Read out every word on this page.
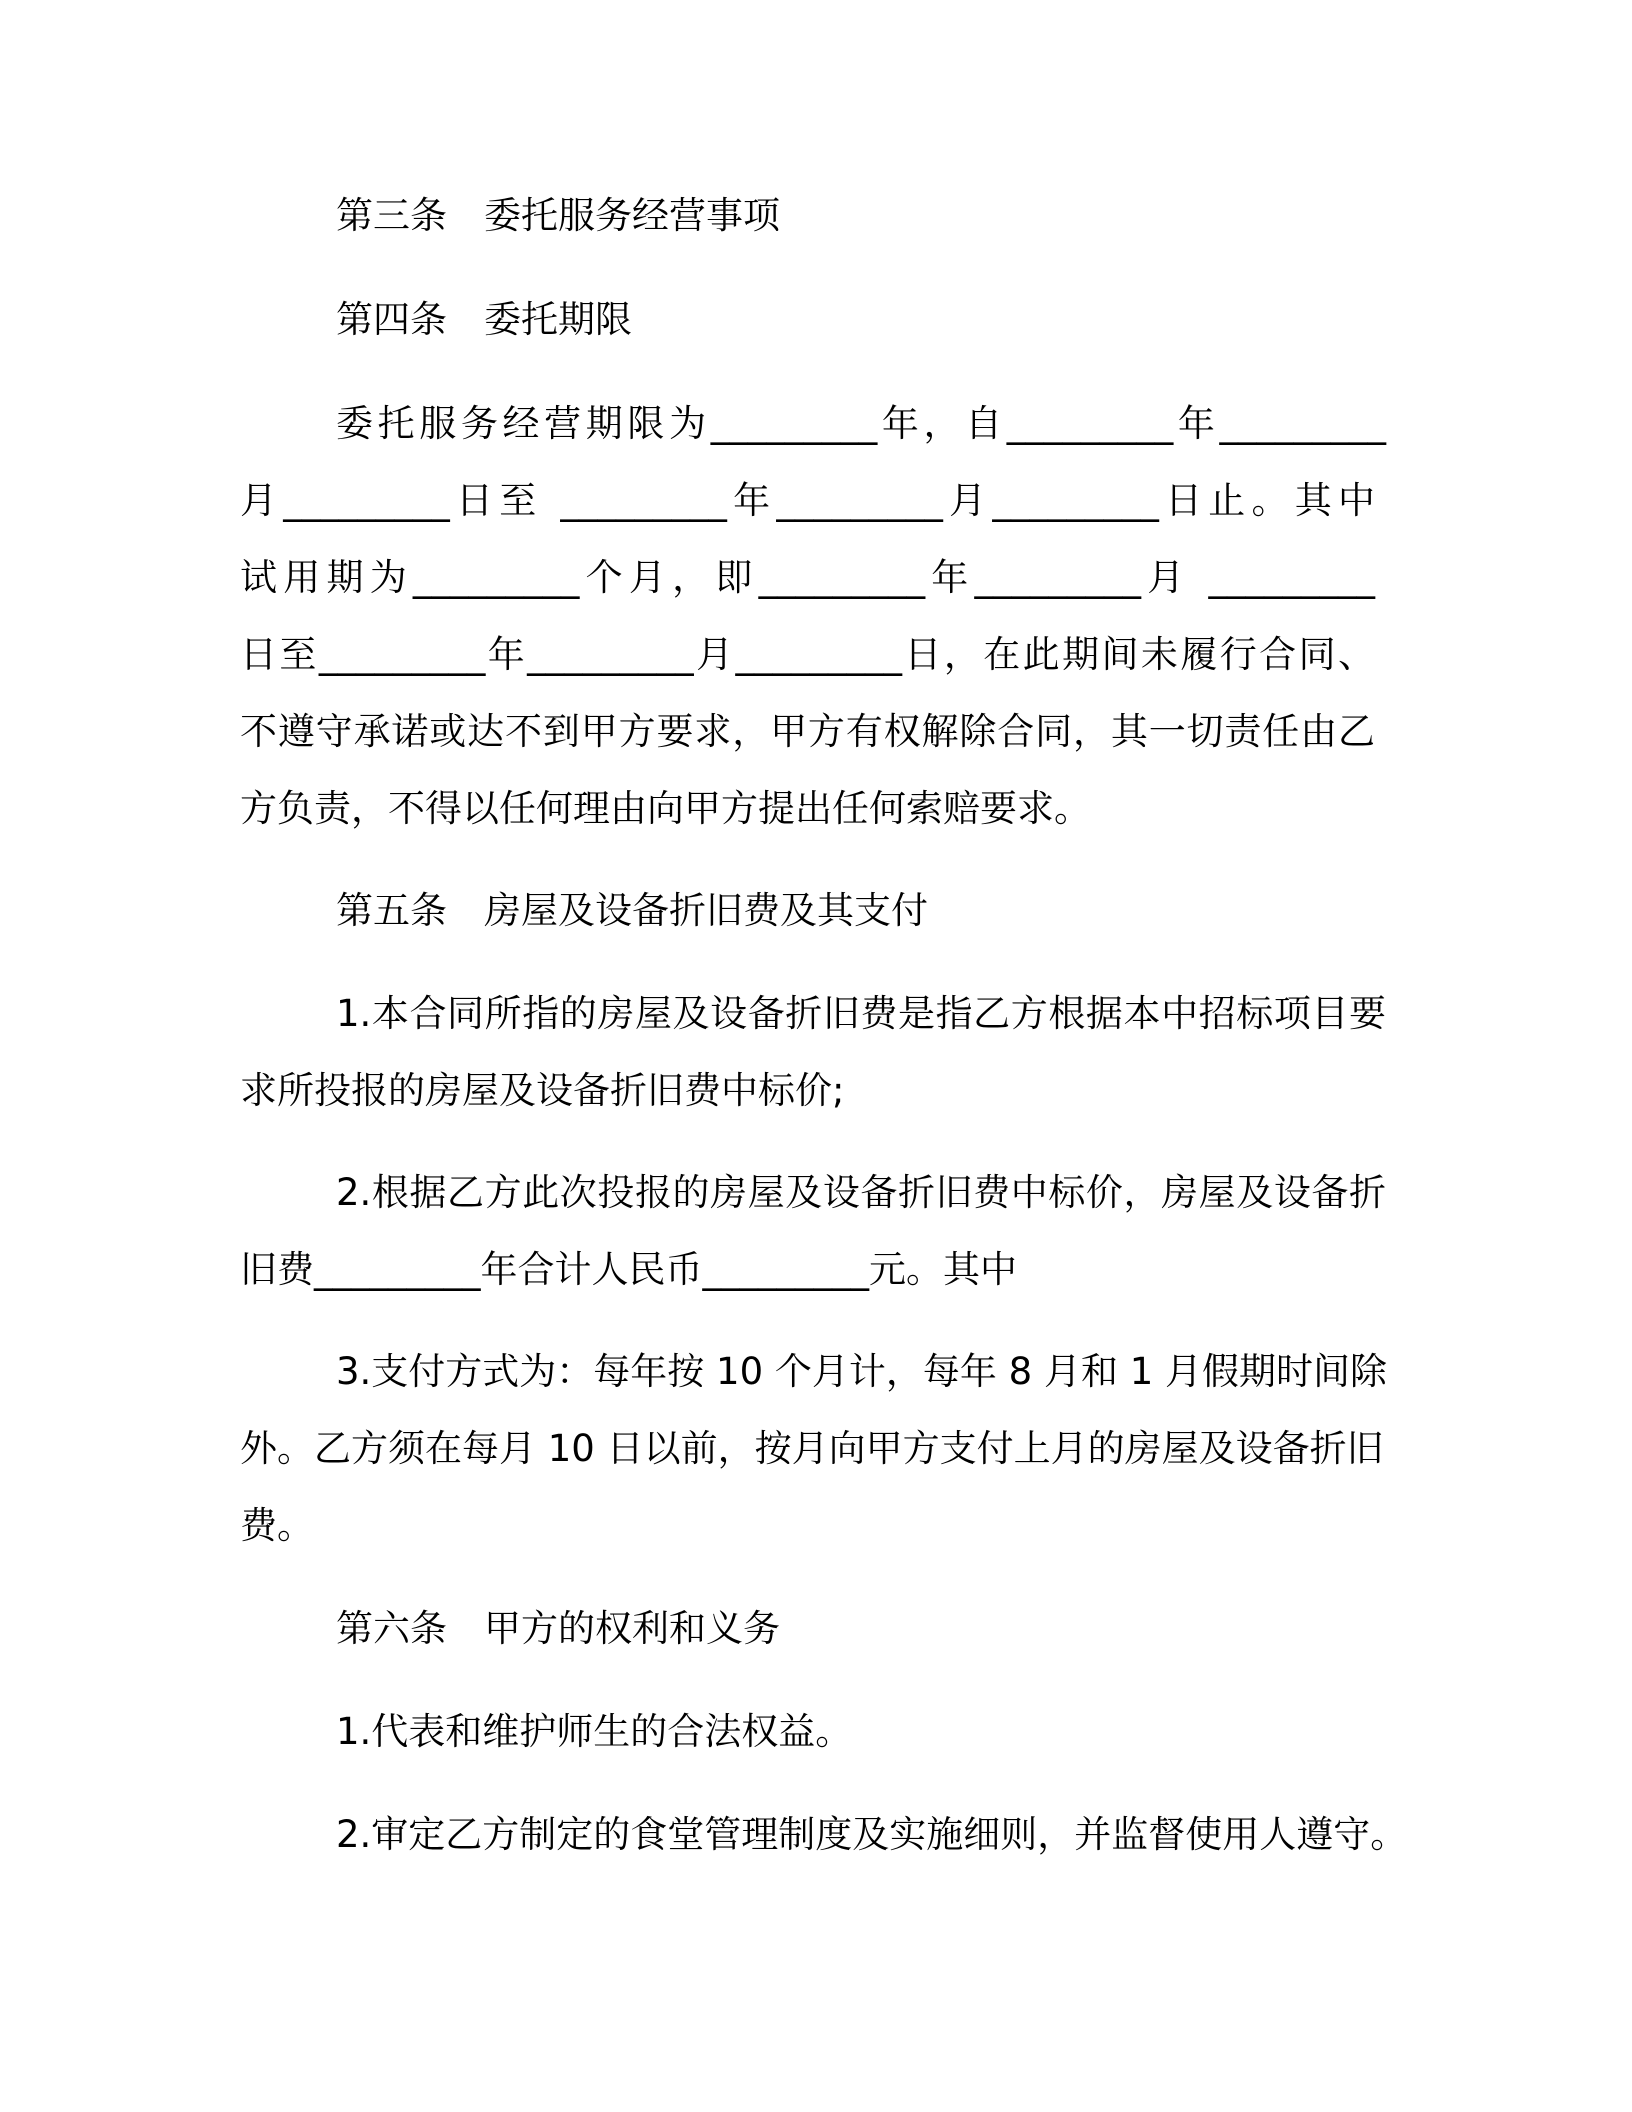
第三条　委托服务经营事项
第四条　委托期限
委托服务经营期限为_________年，自_________年_________
月_________日至 _________年_________月_________日止。其中
试用期为_________个月，即_________年_________月 _________
日至_________年_________月_________日，在此期间未履行合同、
不遵守承诺或达不到甲方要求，甲方有权解除合同，其一切责任由乙
方负责，不得以任何理由向甲方提出任何索赔要求。
第五条　房屋及设备折旧费及其支付
1.本合同所指的房屋及设备折旧费是指乙方根据本中招标项目要
求所投报的房屋及设备折旧费中标价;
2.根据乙方此次投报的房屋及设备折旧费中标价，房屋及设备折
旧费_________年合计人民币_________元。其中
3.支付方式为：每年按 10 个月计，每年 8 月和 1 月假期时间除
外。乙方须在每月 10 日以前，按月向甲方支付上月的房屋及设备折旧
费。
第六条　甲方的权利和义务
1.代表和维护师生的合法权益。
2.审定乙方制定的食堂管理制度及实施细则，并监督使用人遵守。
